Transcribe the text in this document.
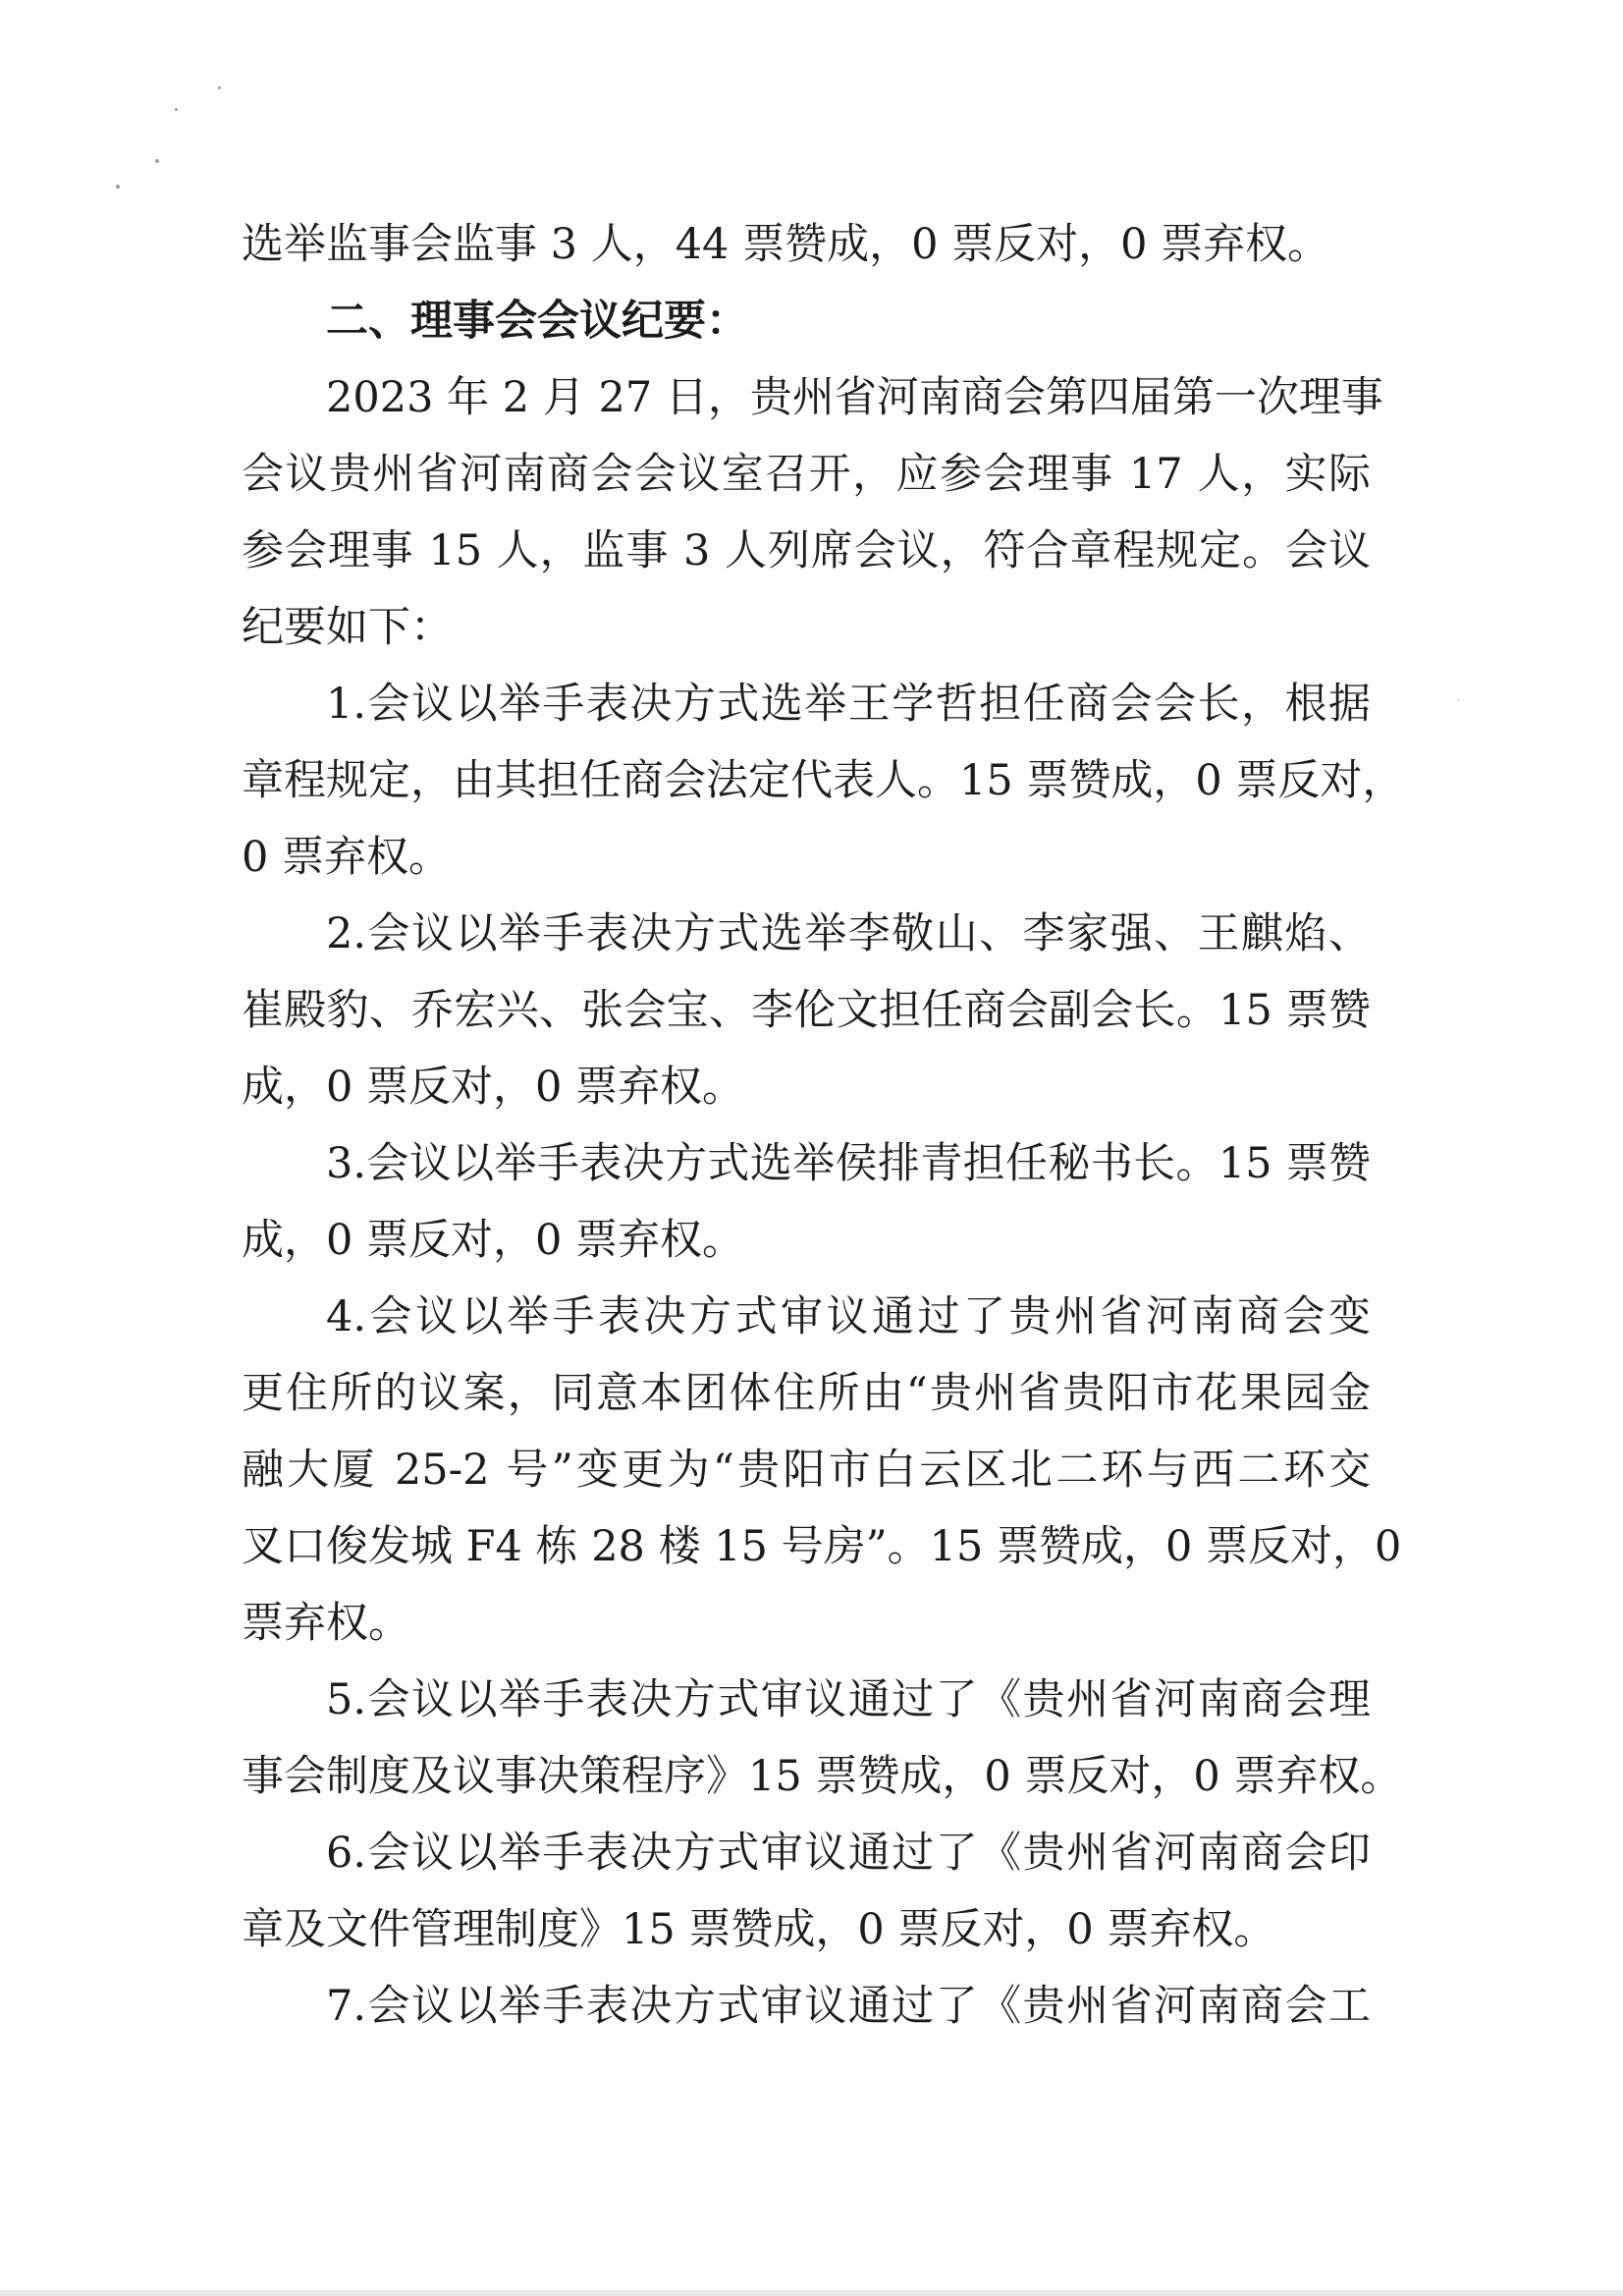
选举监事会监事 3 人，44 票赞成，0 票反对，0 票弃权。
二、理事会会议纪要：
2023 年 2 月 27 日，贵州省河南商会第四届第一次理事
会议贵州省河南商会会议室召开，应参会理事 17 人，实际
参会理事 15 人，监事 3 人列席会议，符合章程规定。会议
纪要如下：
1.会议以举手表决方式选举王学哲担任商会会长，根据
章程规定，由其担任商会法定代表人。15 票赞成，0 票反对，
0 票弃权。
2.会议以举手表决方式选举李敬山、李家强、王麒焰、
崔殿豹、乔宏兴、张会宝、李伦文担任商会副会长。15 票赞
成，0 票反对，0 票弃权。
3.会议以举手表决方式选举侯排青担任秘书长。15 票赞
成，0 票反对，0 票弃权。
4.会议以举手表决方式审议通过了贵州省河南商会变
更住所的议案，同意本团体住所由“贵州省贵阳市花果园金
融大厦 25-2 号”变更为“贵阳市白云区北二环与西二环交
叉口俊发城 F4 栋 28 楼 15 号房”。15 票赞成，0 票反对，0
票弃权。
5.会议以举手表决方式审议通过了《贵州省河南商会理
事会制度及议事决策程序》15 票赞成，0 票反对，0 票弃权。
6.会议以举手表决方式审议通过了《贵州省河南商会印
章及文件管理制度》15 票赞成，0 票反对，0 票弃权。
7.会议以举手表决方式审议通过了《贵州省河南商会工
